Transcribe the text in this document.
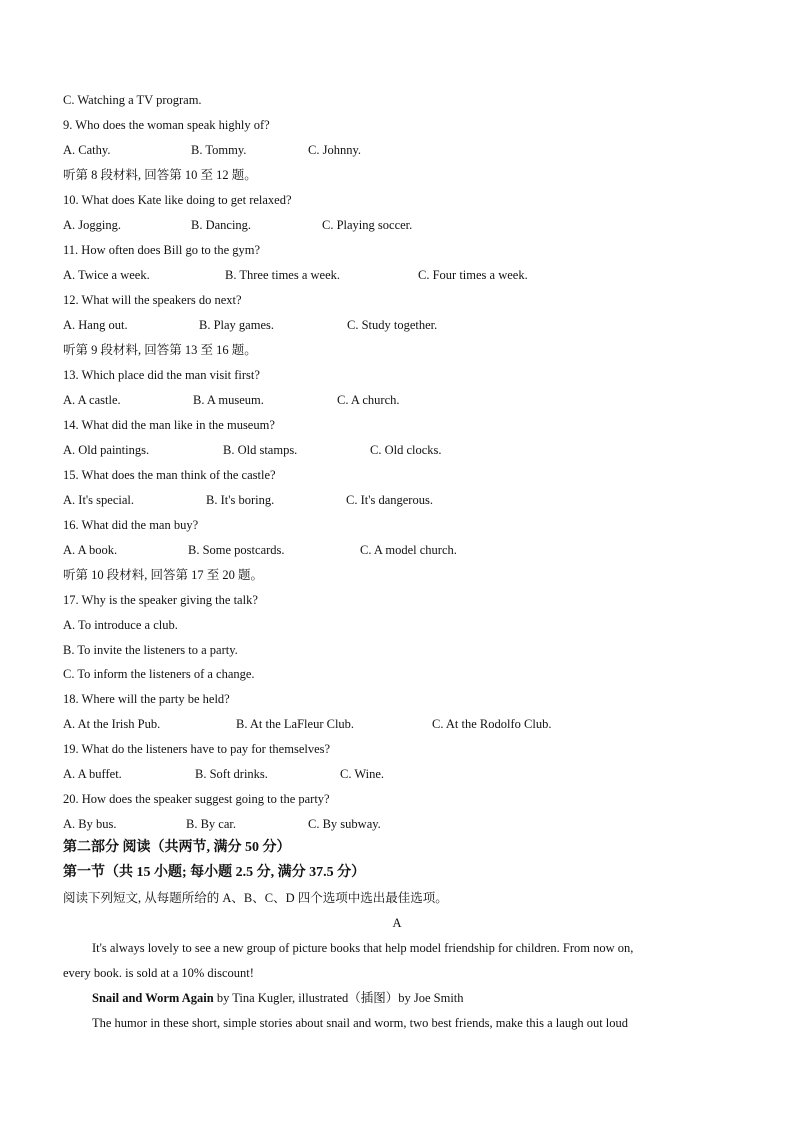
C. Watching a TV program.
9. Who does the woman speak highly of?
A. Cathy.	B. Tommy.	C. Johnny.
听第 8 段材料, 回答第 10 至 12 题。
10. What does Kate like doing to get relaxed?
A. Jogging.	B. Dancing.	C. Playing soccer.
11. How often does Bill go to the gym?
A. Twice a week.	B. Three times a week.	C. Four times a week.
12. What will the speakers do next?
A. Hang out.	B. Play games.	C. Study together.
听第 9 段材料, 回答第 13 至 16 题。
13. Which place did the man visit first?
A. A castle.	B. A museum.	C. A church.
14. What did the man like in the museum?
A. Old paintings.	B. Old stamps.	C. Old clocks.
15. What does the man think of the castle?
A. It's special.	B. It's boring.	C. It's dangerous.
16. What did the man buy?
A. A book.	B. Some postcards.	C. A model church.
听第 10 段材料, 回答第 17 至 20 题。
17. Why is the speaker giving the talk?
A. To introduce a club.
B. To invite the listeners to a party.
C. To inform the listeners of a change.
18. Where will the party be held?
A. At the Irish Pub.	B. At the LaFleur Club.	C. At the Rodolfo Club.
19. What do the listeners have to pay for themselves?
A. A buffet.	B. Soft drinks.	C. Wine.
20. How does the speaker suggest going to the party?
A. By bus.	B. By car.	C. By subway.
第二部分 阅读（共两节, 满分 50 分）
第一节（共 15 小题; 每小题 2.5 分, 满分 37.5 分）
阅读下列短文, 从每题所给的 A、B、C、D 四个选项中选出最佳选项。
A
It's always lovely to see a new group of picture books that help model friendship for children. From now on,
every book. is sold at a 10% discount!
Snail and Worm Again by Tina Kugler, illustrated（插图）by Joe Smith
The humor in these short, simple stories about snail and worm, two best friends, make this a laugh out loud
